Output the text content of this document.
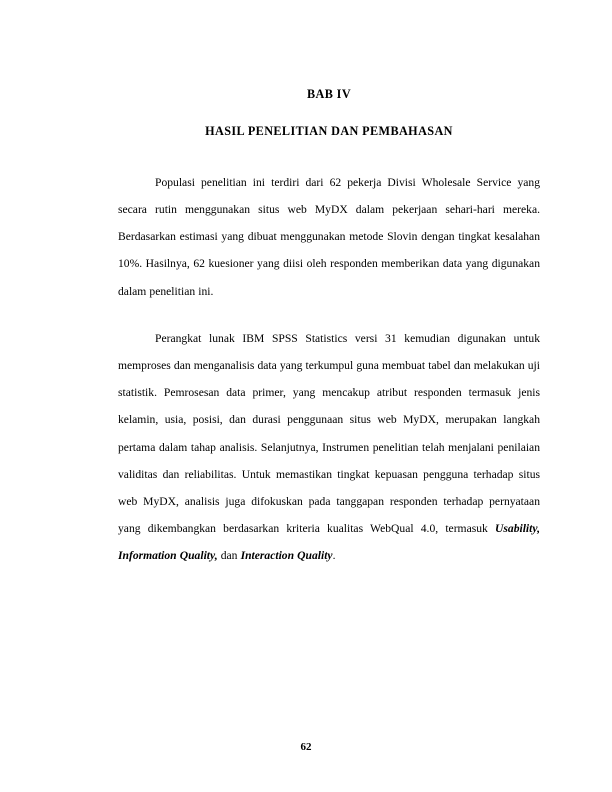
BAB IV
HASIL PENELITIAN DAN PEMBAHASAN

Populasi penelitian ini terdiri dari 62 pekerja Divisi Wholesale Service yang secara rutin menggunakan situs web MyDX dalam pekerjaan sehari-hari mereka. Berdasarkan estimasi yang dibuat menggunakan metode Slovin dengan tingkat kesalahan 10%. Hasilnya, 62 kuesioner yang diisi oleh responden memberikan data yang digunakan dalam penelitian ini.

Perangkat lunak IBM SPSS Statistics versi 31 kemudian digunakan untuk memproses dan menganalisis data yang terkumpul guna membuat tabel dan melakukan uji statistik. Pemrosesan data primer, yang mencakup atribut responden termasuk jenis kelamin, usia, posisi, dan durasi penggunaan situs web MyDX, merupakan langkah pertama dalam tahap analisis. Selanjutnya, Instrumen penelitian telah menjalani penilaian validitas dan reliabilitas. Untuk memastikan tingkat kepuasan pengguna terhadap situs web MyDX, analisis juga difokuskan pada tanggapan responden terhadap pernyataan yang dikembangkan berdasarkan kriteria kualitas WebQual 4.0, termasuk Usability, Information Quality, dan Interaction Quality.

62
